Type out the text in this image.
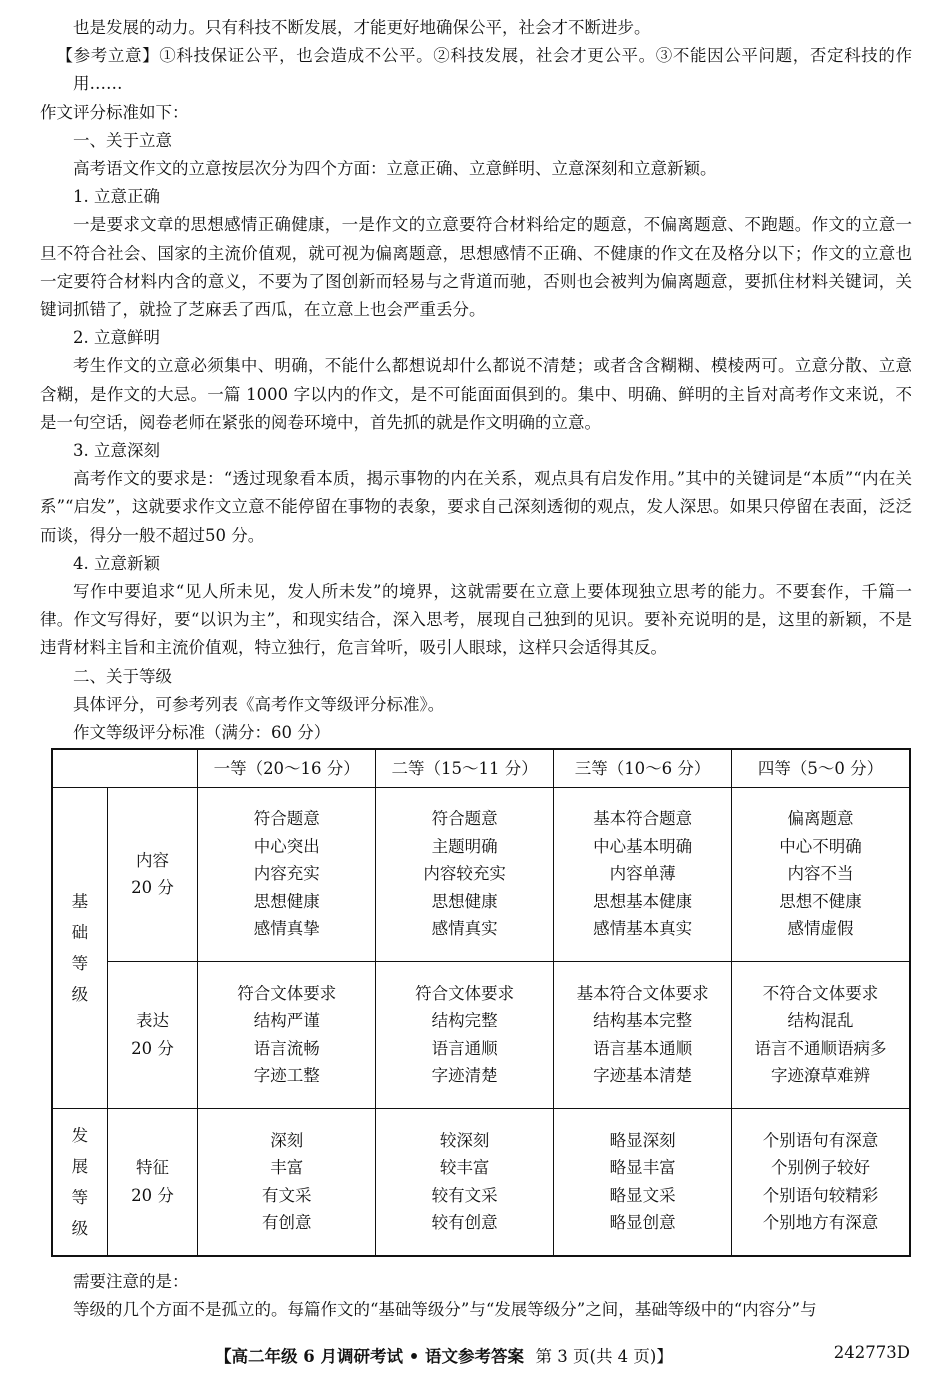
也是发展的动力。只有科技不断发展，才能更好地确保公平，社会才不断进步。

【参考立意】①科技保证公平，也会造成不公平。②科技发展，社会才更公平。③不能因公平问题，否定科技的作用……

作文评分标准如下：

一、关于立意

高考语文作文的立意按层次分为四个方面：立意正确、立意鲜明、立意深刻和立意新颖。

1. 立意正确

一是要求文章的思想感情正确健康，一是作文的立意要符合材料给定的题意，不偏离题意、不跑题。作文的立意一旦不符合社会、国家的主流价值观，就可视为偏离题意，思想感情不正确、不健康的作文在及格分以下；作文的立意也一定要符合材料内含的意义，不要为了图创新而轻易与之背道而驰，否则也会被判为偏离题意，要抓住材料关键词，关键词抓错了，就捡了芝麻丢了西瓜，在立意上也会严重丢分。

2. 立意鲜明

考生作文的立意必须集中、明确，不能什么都想说却什么都说不清楚；或者含含糊糊、模棱两可。立意分散、立意含糊，是作文的大忌。一篇 1000 字以内的作文，是不可能面面俱到的。集中、明确、鲜明的主旨对高考作文来说，不是一句空话，阅卷老师在紧张的阅卷环境中，首先抓的就是作文明确的立意。

3. 立意深刻

高考作文的要求是：“透过现象看本质，揭示事物的内在关系，观点具有启发作用。”其中的关键词是“本质”“内在关系”“启发”，这就要求作文立意不能停留在事物的表象，要求自己深刻透彻的观点，发人深思。如果只停留在表面，泛泛而谈，得分一般不超过50 分。

4. 立意新颖

写作中要追求“见人所未见，发人所未发”的境界，这就需要在立意上要体现独立思考的能力。不要套作，千篇一律。作文写得好，要“以识为主”，和现实结合，深入思考，展现自己独到的见识。要补充说明的是，这里的新颖，不是违背材料主旨和主流价值观，特立独行，危言耸听，吸引人眼球，这样只会适得其反。

二、关于等级

具体评分，可参考列表《高考作文等级评分标准》。

作文等级评分标准（满分：60 分）

		一等（20～16 分）	二等（15～11 分）	三等（10～6 分）	四等（5～0 分）

基
础
等
级	内容
20 分	符合题意
中心突出
内容充实
思想健康
感情真挚	符合题意
主题明确
内容较充实
思想健康
感情真实	基本符合题意
中心基本明确
内容单薄
思想基本健康
感情基本真实	偏离题意
中心不明确
内容不当
思想不健康
感情虚假

	表达
20 分	符合文体要求
结构严谨
语言流畅
字迹工整	符合文体要求
结构完整
语言通顺
字迹清楚	基本符合文体要求
结构基本完整
语言基本通顺
字迹基本清楚	不符合文体要求
结构混乱
语言不通顺语病多
字迹潦草难辨

发
展
等
级	特征
20 分	深刻
丰富
有文采
有创意	较深刻
较丰富
较有文采
较有创意	略显深刻
略显丰富
略显文采
略显创意	个别语句有深意
个别例子较好
个别语句较精彩
个别地方有深意

需要注意的是：

等级的几个方面不是孤立的。每篇作文的“基础等级分”与“发展等级分”之间，基础等级中的“内容分”与

【高二年级 6 月调研考试 • 语文参考答案 第 3 页(共 4 页)】	242773D
